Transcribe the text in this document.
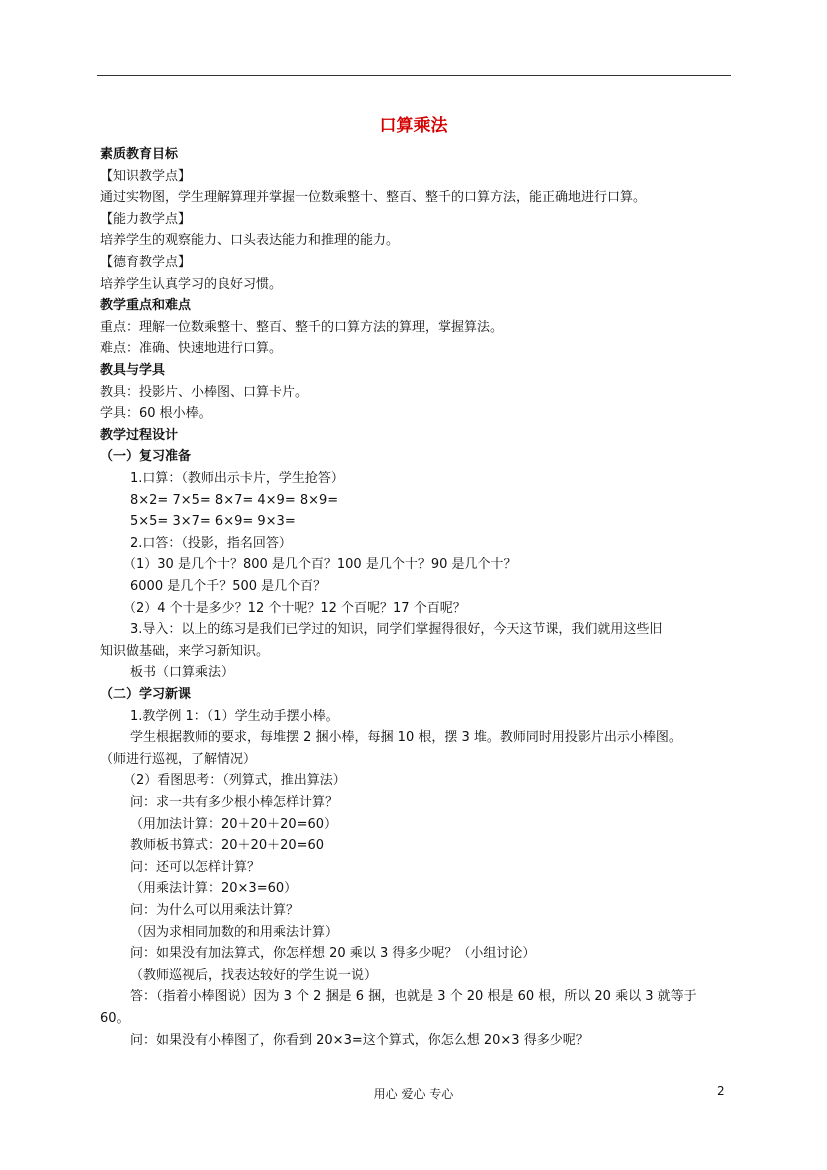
口算乘法
素质教育目标
【知识教学点】
通过实物图，学生理解算理并掌握一位数乘整十、整百、整千的口算方法，能正确地进行口算。
【能力教学点】
培养学生的观察能力、口头表达能力和推理的能力。
【德育教学点】
培养学生认真学习的良好习惯。
教学重点和难点
重点：理解一位数乘整十、整百、整千的口算方法的算理，掌握算法。
难点：准确、快速地进行口算。
教具与学具
教具：投影片、小棒图、口算卡片。
学具：60 根小棒。
教学过程设计
（一）复习准备
1.口算：（教师出示卡片，学生抢答）
8×2= 7×5= 8×7= 4×9= 8×9=
5×5= 3×7= 6×9= 9×3=
2.口答：（投影，指名回答）
（1）30 是几个十？800 是几个百？100 是几个十？90 是几个十？
6000 是几个千？500 是几个百？
（2）4 个十是多少？12 个十呢？12 个百呢？17 个百呢？
3.导入：以上的练习是我们已学过的知识，同学们掌握得很好，今天这节课，我们就用这些旧
知识做基础，来学习新知识。
板书（口算乘法）
（二）学习新课
1.教学例 1：（1）学生动手摆小棒。
学生根据教师的要求，每堆摆 2 捆小棒，每捆 10 根，摆 3 堆。教师同时用投影片出示小棒图。
（师进行巡视，了解情况）
（2）看图思考：（列算式，推出算法）
问：求一共有多少根小棒怎样计算？
（用加法计算：20＋20＋20=60）
教师板书算式：20＋20＋20=60
问：还可以怎样计算？
（用乘法计算：20×3=60）
问：为什么可以用乘法计算？
（因为求相同加数的和用乘法计算）
问：如果没有加法算式，你怎样想 20 乘以 3 得多少呢？（小组讨论）
（教师巡视后，找表达较好的学生说一说）
答：（指着小棒图说）因为 3 个 2 捆是 6 捆，也就是 3 个 20 根是 60 根，所以 20 乘以 3 就等于
60。
问：如果没有小棒图了，你看到 20×3=这个算式，你怎么想 20×3 得多少呢？
用心 爱心 专心	2
